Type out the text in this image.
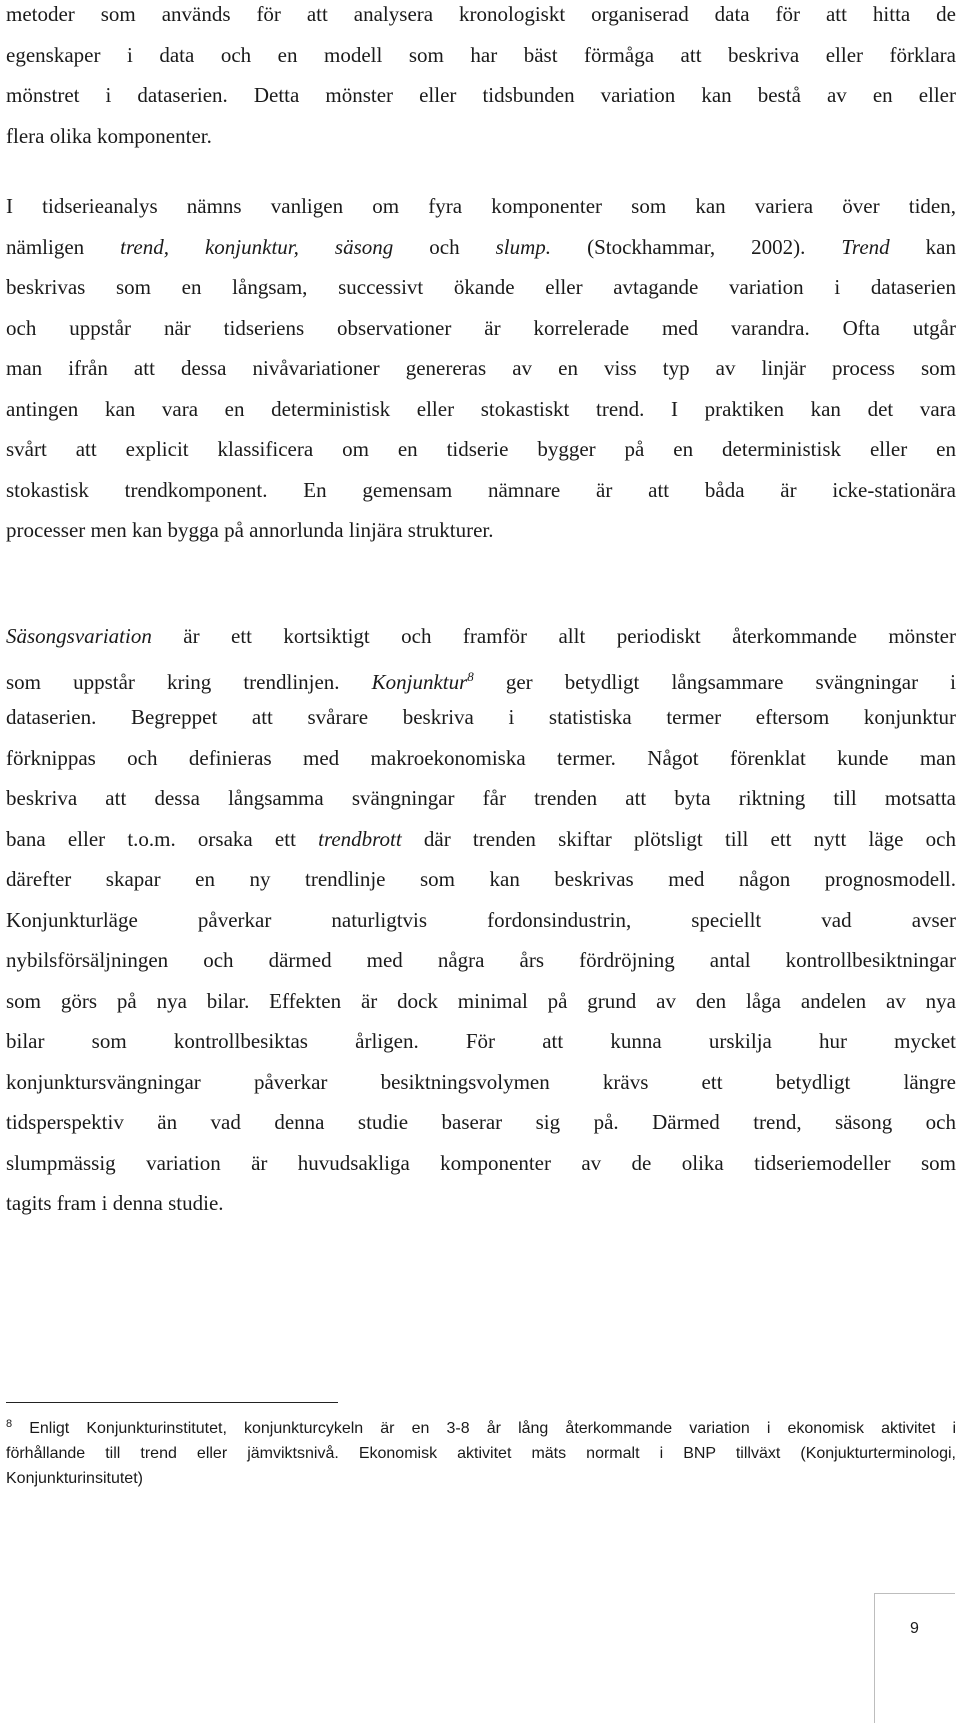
metoder som används för att analysera kronologiskt organiserad data för att hitta de
egenskaper i data och en modell som har bäst förmåga att beskriva eller förklara
mönstret i dataserien. Detta mönster eller tidsbunden variation kan bestå av en eller
flera olika komponenter.

I tidserieanalys nämns vanligen om fyra komponenter som kan variera över tiden,
nämligen trend, konjunktur, säsong och slump. (Stockhammar, 2002). Trend kan
beskrivas som en långsam, successivt ökande eller avtagande variation i dataserien
och uppstår när tidseriens observationer är korrelerade med varandra. Ofta utgår
man ifrån att dessa nivåvariationer genereras av en viss typ av linjär process som
antingen kan vara en deterministisk eller stokastiskt trend. I praktiken kan det vara
svårt att explicit klassificera om en tidserie bygger på en deterministisk eller en
stokastisk trendkomponent. En gemensam nämnare är att båda är icke-stationära
processer men kan bygga på annorlunda linjära strukturer.

Säsongsvariation är ett kortsiktigt och framför allt periodiskt återkommande mönster
som uppstår kring trendlinjen. Konjunktur$^8$ ger betydligt långsammare svängningar i
dataserien. Begreppet att svårare beskriva i statistiska termer eftersom konjunktur
förknippas och definieras med makroekonomiska termer. Något förenklat kunde man
beskriva att dessa långsamma svängningar får trenden att byta riktning till motsatta
bana eller t.o.m. orsaka ett trendbrott där trenden skiftar plötsligt till ett nytt läge och
därefter skapar en ny trendlinje som kan beskrivas med någon prognosmodell.
Konjunkturläge påverkar naturligtvis fordonsindustrin, speciellt vad avser
nybilsförsäljningen och därmed med några års fördröjning antal kontrollbesiktningar
som görs på nya bilar. Effekten är dock minimal på grund av den låga andelen av nya
bilar som kontrollbesiktas årligen. För att kunna urskilja hur mycket
konjunktursvängningar påverkar besiktningsvolymen krävs ett betydligt längre
tidsperspektiv än vad denna studie baserar sig på. Därmed trend, säsong och
slumpmässig variation är huvudsakliga komponenter av de olika tidseriemodeller som
tagits fram i denna studie.

$^8$ Enligt Konjunkturinstitutet, konjunkturcykeln är en 3-8 år lång återkommande variation i ekonomisk aktivitet i
förhållande till trend eller jämviktsnivå. Ekonomisk aktivitet mäts normalt i BNP tillväxt (Konjukturterminologi,
Konjunkturinsitutet)

9
